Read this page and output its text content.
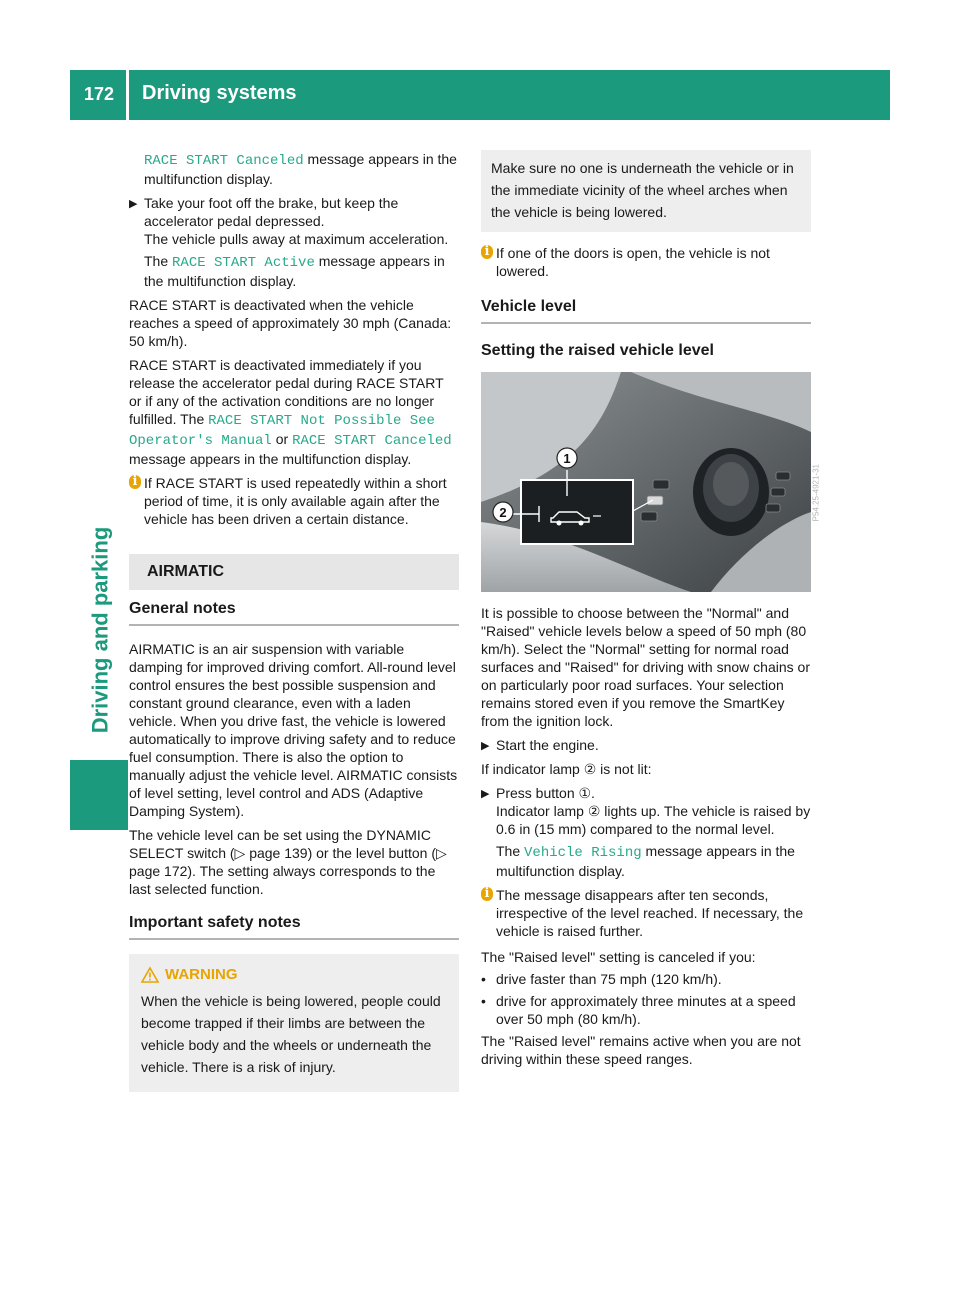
172	Driving systems
Driving and parking

RACE START Canceled message appears in the multifunction display.

▶ Take your foot off the brake, but keep the accelerator pedal depressed.
The vehicle pulls away at maximum acceleration.
The RACE START Active message appears in the multifunction display.

RACE START is deactivated when the vehicle reaches a speed of approximately 30 mph (Canada: 50 km/h).

RACE START is deactivated immediately if you release the accelerator pedal during RACE START or if any of the activation conditions are no longer fulfilled. The RACE START Not Possible See Operator's Manual or RACE START Canceled message appears in the multifunction display.

i If RACE START is used repeatedly within a short period of time, it is only available again after the vehicle has been driven a certain distance.
AIRMATIC
General notes

AIRMATIC is an air suspension with variable damping for improved driving comfort. All-round level control ensures the best possible suspension and constant ground clearance, even with a laden vehicle. When you drive fast, the vehicle is lowered automatically to improve driving safety and to reduce fuel consumption. There is also the option to manually adjust the vehicle level. AIRMATIC consists of level setting, level control and ADS (Adaptive Damping System).

The vehicle level can be set using the DYNAMIC SELECT switch (▷ page 139) or the level button (▷ page 172). The setting always corresponds to the last selected function.

Important safety notes
WARNING
When the vehicle is being lowered, people could become trapped if their limbs are between the vehicle body and the wheels or underneath the vehicle. There is a risk of injury.
Make sure no one is underneath the vehicle or in the immediate vicinity of the wheel arches when the vehicle is being lowered.
i If one of the doors is open, the vehicle is not lowered.
Vehicle level
Setting the raised vehicle level
1
2	P54.25-4921-31

It is possible to choose between the "Normal" and "Raised" vehicle levels below a speed of 50 mph (80 km/h). Select the "Normal" setting for normal road surfaces and "Raised" for driving with snow chains or on particularly poor road surfaces. Your selection remains stored even if you remove the SmartKey from the ignition lock.

▶ Start the engine.

If indicator lamp ② is not lit:

▶ Press button ①.
Indicator lamp ② lights up. The vehicle is raised by 0.6 in (15 mm) compared to the normal level.
The Vehicle Rising message appears in the multifunction display.
i The message disappears after ten seconds, irrespective of the level reached. If necessary, the vehicle is raised further.

The "Raised level" setting is canceled if you:

• drive faster than 75 mph (120 km/h).
• drive for approximately three minutes at a speed over 50 mph (80 km/h).

The "Raised level" remains active when you are not driving within these speed ranges.
